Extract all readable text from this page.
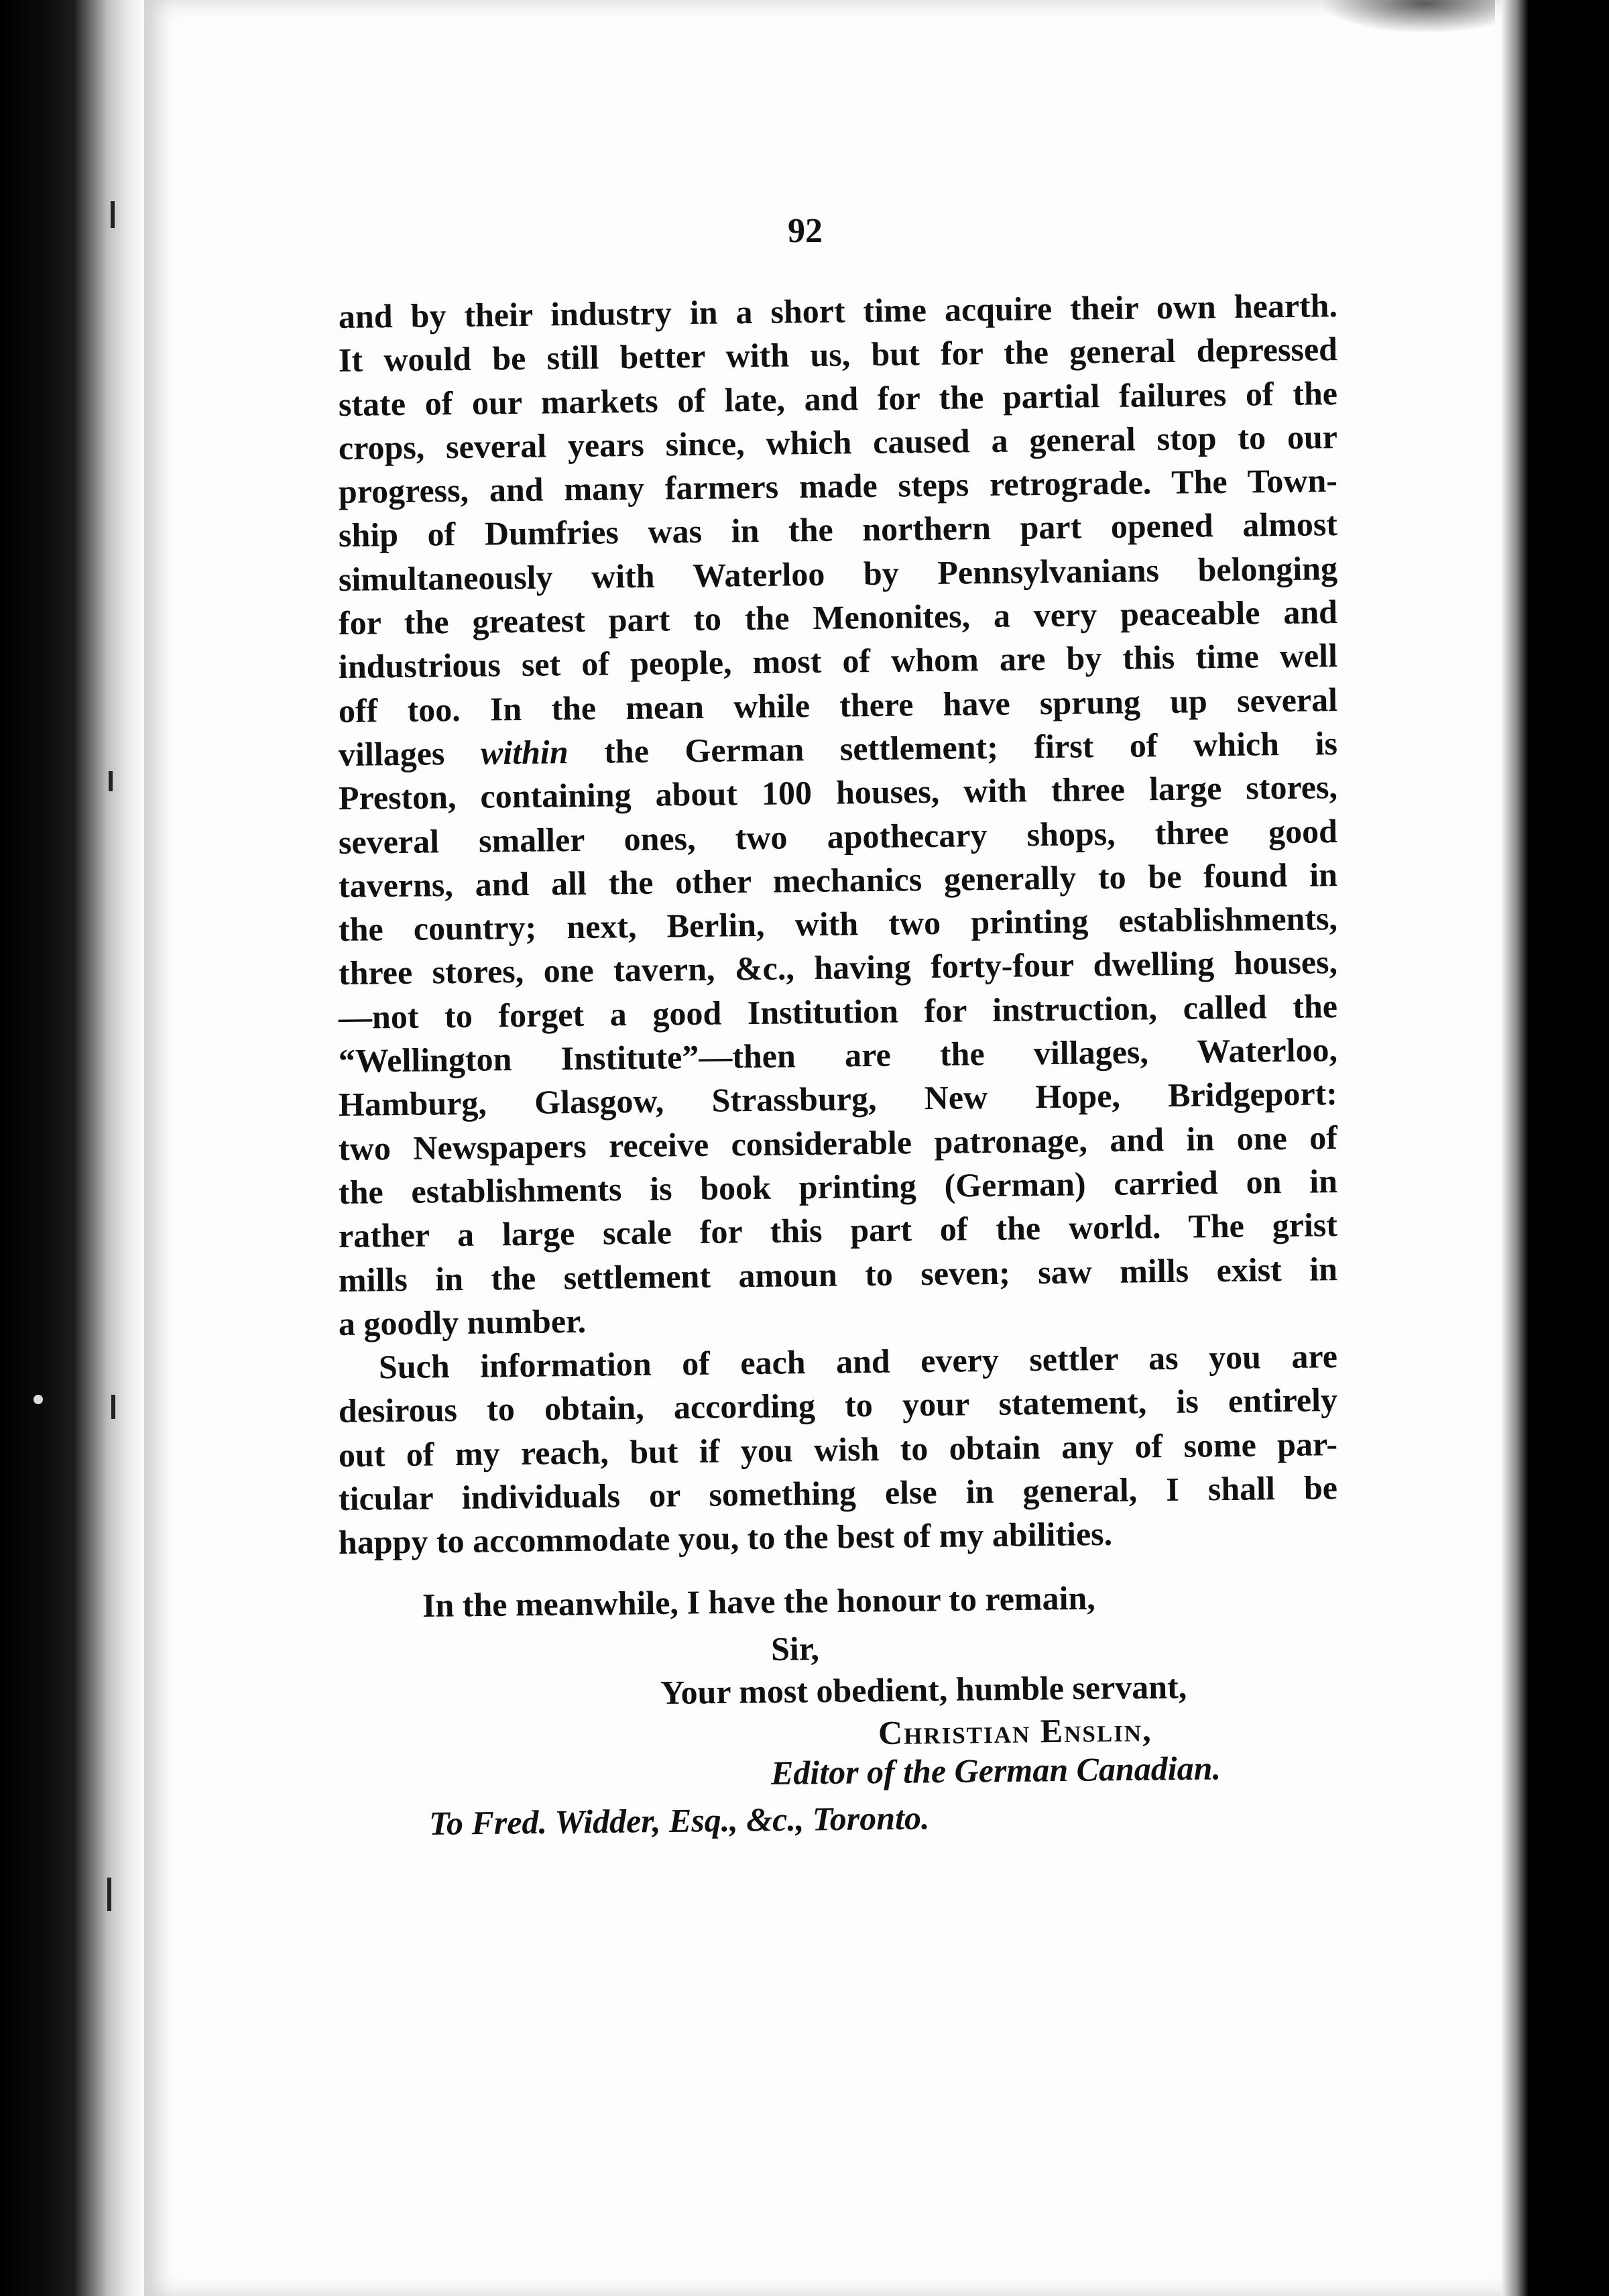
92
and by their industry in a short time acquire their own hearth.
It would be still better with us, but for the general depressed
state of our markets of late, and for the partial failures of the
crops, several years since, which caused a general stop to our
progress, and many farmers made steps retrograde. The Town-
ship of Dumfries was in the northern part opened almost
simultaneously with Waterloo by Pennsylvanians belonging
for the greatest part to the Menonites, a very peaceable and
industrious set of people, most of whom are by this time well
off too. In the mean while there have sprung up several
villages within the German settlement; first of which is
Preston, containing about 100 houses, with three large stores,
several smaller ones, two apothecary shops, three good
taverns, and all the other mechanics generally to be found in
the country; next, Berlin, with two printing establishments,
three stores, one tavern, &c., having forty-four dwelling houses,
—not to forget a good Institution for instruction, called the
“Wellington Institute”—then are the villages, Waterloo,
Hamburg, Glasgow, Strassburg, New Hope, Bridgeport:
two Newspapers receive considerable patronage, and in one of
the establishments is book printing (German) carried on in
rather a large scale for this part of the world. The grist
mills in the settlement amoun to seven; saw mills exist in
a goodly number.
Such information of each and every settler as you are
desirous to obtain, according to your statement, is entirely
out of my reach, but if you wish to obtain any of some par-
ticular individuals or something else in general, I shall be
happy to accommodate you, to the best of my abilities.
In the meanwhile, I have the honour to remain,
Sir,
Your most obedient, humble servant,
Christian Enslin,
Editor of the German Canadian.
To Fred. Widder, Esq., &c., Toronto.
